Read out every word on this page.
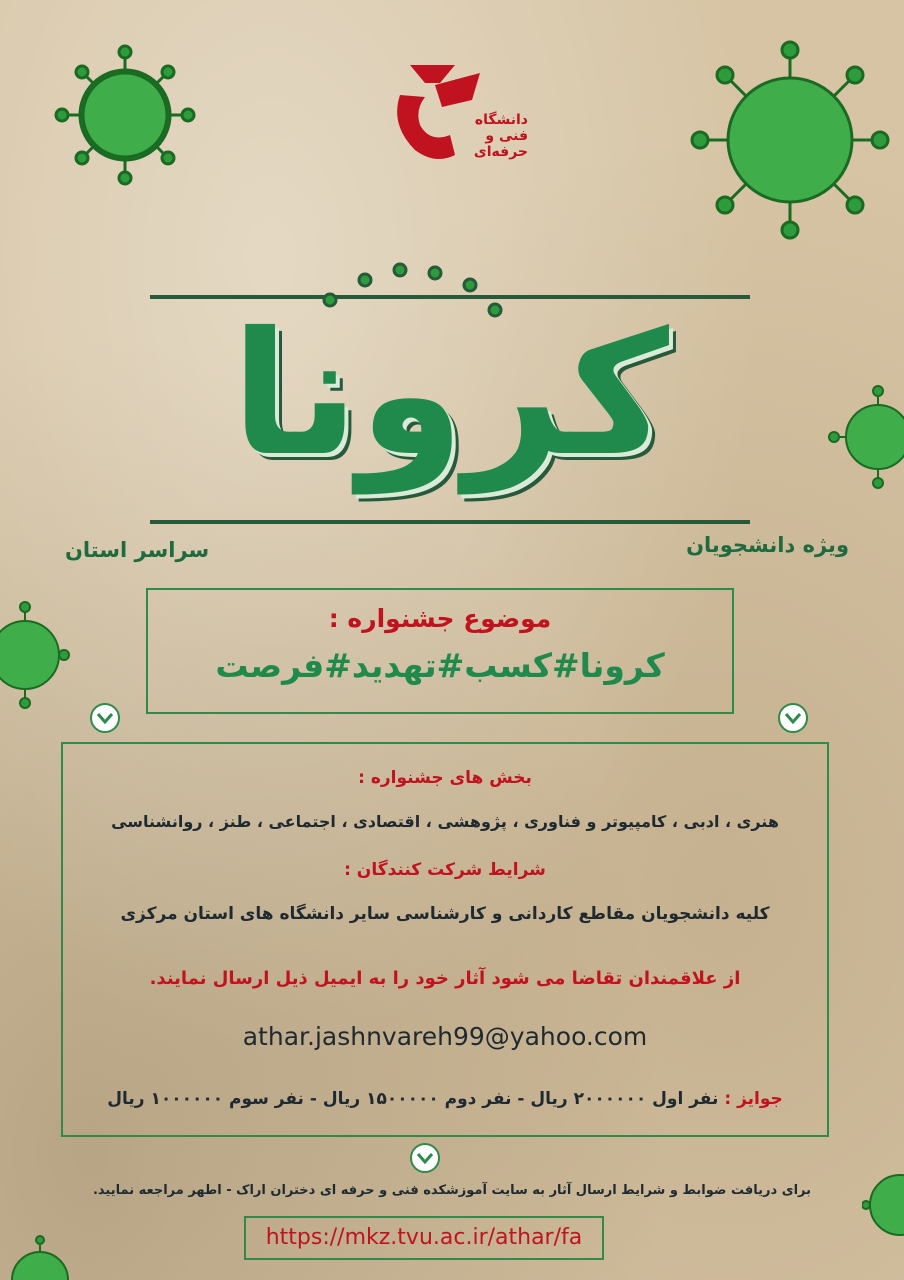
دانشگاه
فنی و حرفه‌ای
کرونا
سراسر استان	ویژه دانشجویان
موضوع جشنواره :
کرونا#کسب#تهدید#فرصت
بخش های جشنواره :
هنری ، ادبی ، کامپیوتر و فناوری ، پژوهشی ، اقتصادی ، اجتماعی ، طنز ، روانشناسی
شرایط شرکت کنندگان :
کلیه دانشجویان مقاطع کاردانی و کارشناسی سایر دانشگاه های استان مرکزی
از علاقمندان تقاضا می شود آثار خود را به ایمیل ذیل ارسال نمایند.
athar.jashnvareh99@yahoo.com
جوایز : نفر اول ۲۰۰۰۰۰۰ ریال - نفر دوم ۱۵۰۰۰۰۰ ریال - نفر سوم ۱۰۰۰۰۰۰ ریال
برای دریافت ضوابط و شرایط ارسال آثار به سایت آموزشکده فنی و حرفه ای دختران اراک - اطهر مراجعه نمایید.
https://mkz.tvu.ac.ir/athar/fa
